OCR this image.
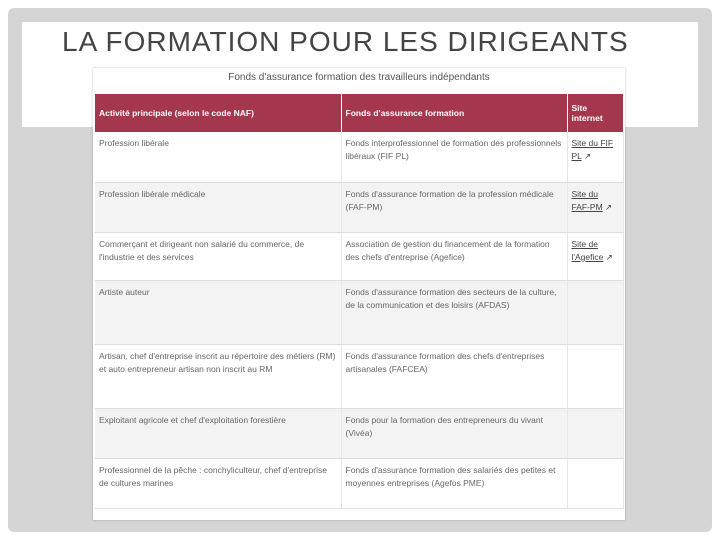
LA FORMATION POUR LES DIRIGEANTS
Fonds d'assurance formation des travailleurs indépendants
Activité principale (selon le code NAF)	Fonds d'assurance formation	Site internet
Profession libérale	Fonds interprofessionnel de formation des professionnels libéraux (FIF PL)	Site du FIF PL ↗
Profession libérale médicale	Fonds d'assurance formation de la profession médicale (FAF-PM)	Site du FAF-PM ↗
Commerçant et dirigeant non salarié du commerce, de l'industrie et des services	Association de gestion du financement de la formation des chefs d'entreprise (Agefice)	Site de l'Agefice ↗
Artiste auteur	Fonds d'assurance formation des secteurs de la culture, de la communication et des loisirs (AFDAS)	
Artisan, chef d'entreprise inscrit au répertoire des métiers (RM) et auto entrepreneur artisan non inscrit au RM	Fonds d'assurance formation des chefs d'entreprises artisanales (FAFCEA)	
Exploitant agricole et chef d'exploitation forestière	Fonds pour la formation des entrepreneurs du vivant (Vivéa)	
Professionnel de la pêche : conchyliculteur, chef d'entreprise de cultures marines	Fonds d'assurance formation des salariés des petites et moyennes entreprises (Agefos PME)	
